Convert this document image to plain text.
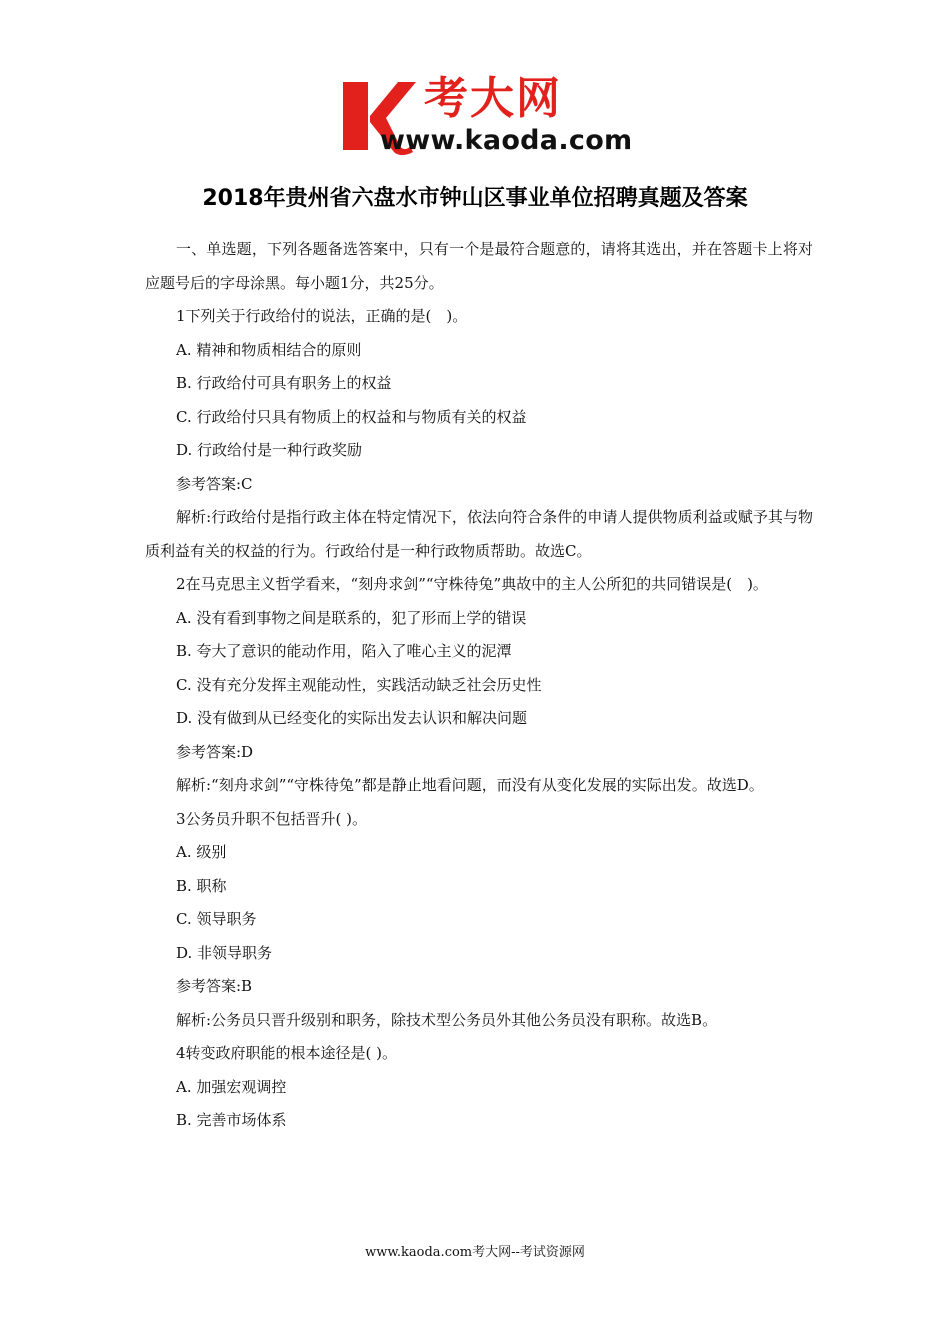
考大网
www.kaoda.com
2018年贵州省六盘水市钟山区事业单位招聘真题及答案

一、单选题，下列各题备选答案中，只有一个是最符合题意的，请将其选出，并在答题卡上将对应题号后的字母涂黑。每小题1分，共25分。

1下列关于行政给付的说法，正确的是(　)。

A. 精神和物质相结合的原则

B. 行政给付可具有职务上的权益

C. 行政给付只具有物质上的权益和与物质有关的权益

D. 行政给付是一种行政奖励

参考答案:C

解析:行政给付是指行政主体在特定情况下，依法向符合条件的申请人提供物质利益或赋予其与物质利益有关的权益的行为。行政给付是一种行政物质帮助。故选C。

2在马克思主义哲学看来，“刻舟求剑”“守株待兔”典故中的主人公所犯的共同错误是(　)。

A. 没有看到事物之间是联系的，犯了形而上学的错误

B. 夸大了意识的能动作用，陷入了唯心主义的泥潭

C. 没有充分发挥主观能动性，实践活动缺乏社会历史性

D. 没有做到从已经变化的实际出发去认识和解决问题

参考答案:D

解析:“刻舟求剑”“守株待兔”都是静止地看问题，而没有从变化发展的实际出发。故选D。

3公务员升职不包括晋升( )。

A. 级别

B. 职称

C. 领导职务

D. 非领导职务

参考答案:B

解析:公务员只晋升级别和职务，除技术型公务员外其他公务员没有职称。故选B。

4转变政府职能的根本途径是( )。

A. 加强宏观调控

B. 完善市场体系

www.kaoda.com考大网--考试资源网
